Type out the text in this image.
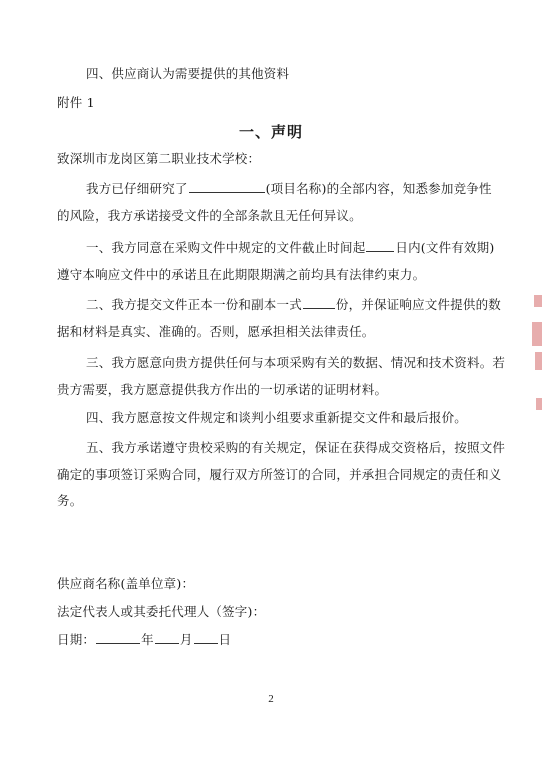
四、供应商认为需要提供的其他资料
附件 1
一、声明
致深圳市龙岗区第二职业技术学校：
我方已仔细研究了	(项目名称)的全部内容，知悉参加竞争性
的风险，我方承诺接受文件的全部条款且无任何异议。
一、我方同意在采购文件中规定的文件截止时间起 日内(文件有效期)
遵守本响应文件中的承诺且在此期限期满之前均具有法律约束力。
二、我方提交文件正本一份和副本一式	份，并保证响应文件提供的数
据和材料是真实、准确的。否则，愿承担相关法律责任。
三、我方愿意向贵方提供任何与本项采购有关的数据、情况和技术资料。若
贵方需要，我方愿意提供我方作出的一切承诺的证明材料。
四、我方愿意按文件规定和谈判小组要求重新提交文件和最后报价。
五、我方承诺遵守贵校采购的有关规定，保证在获得成交资格后，按照文件
确定的事项签订采购合同，履行双方所签订的合同，并承担合同规定的责任和义
务。
供应商名称(盖单位章)：
法定代表人或其委托代理人（签字)：
日期：	年 月 日
2
